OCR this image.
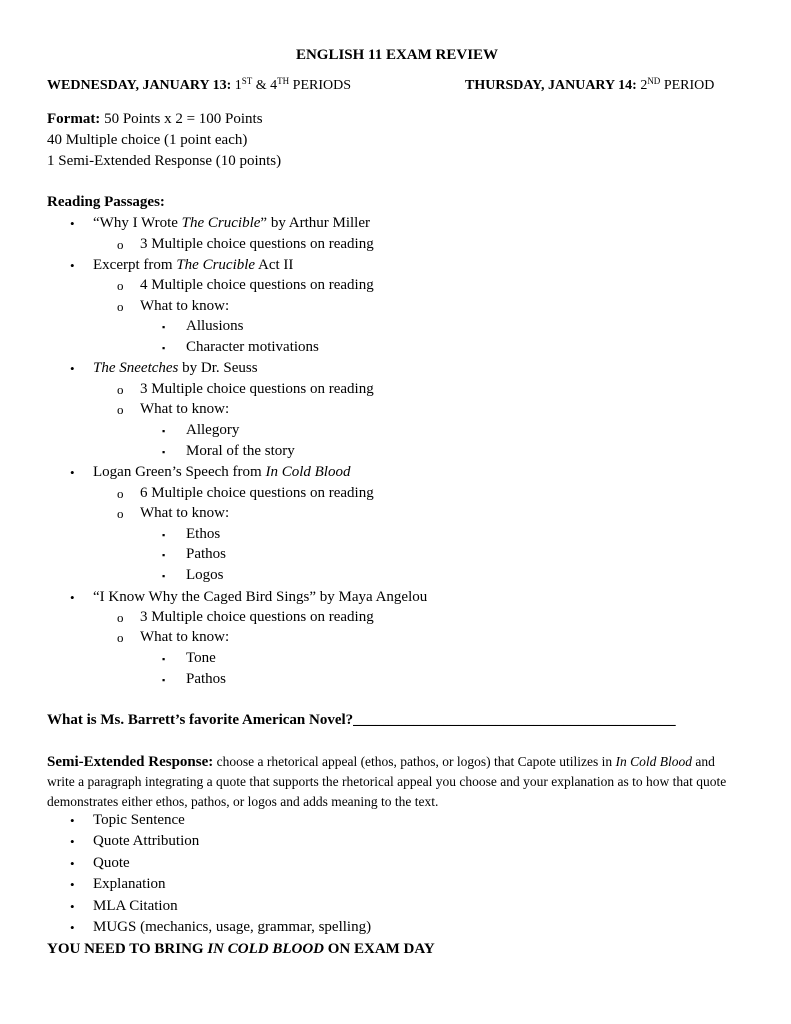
ENGLISH 11 EXAM REVIEW
WEDNESDAY, JANUARY 13: 1ST & 4TH PERIODS	THURSDAY, JANUARY 14: 2ND PERIOD
Format: 50 Points x 2 = 100 Points
40 Multiple choice (1 point each)
1 Semi-Extended Response (10 points)
Reading Passages:
• “Why I Wrote The Crucible” by Arthur Miller
o 3 Multiple choice questions on reading
• Excerpt from The Crucible Act II
o 4 Multiple choice questions on reading
o What to know:
▪ Allusions
▪ Character motivations
• The Sneetches by Dr. Seuss
o 3 Multiple choice questions on reading
o What to know:
▪ Allegory
▪ Moral of the story
• Logan Green’s Speech from In Cold Blood
o 6 Multiple choice questions on reading
o What to know:
▪ Ethos
▪ Pathos
▪ Logos
• “I Know Why the Caged Bird Sings” by Maya Angelou
o 3 Multiple choice questions on reading
o What to know:
▪ Tone
▪ Pathos
What is Ms. Barrett’s favorite American Novel?___________________________________________
Semi-Extended Response: choose a rhetorical appeal (ethos, pathos, or logos) that Capote utilizes in In Cold Blood and write a paragraph integrating a quote that supports the rhetorical appeal you choose and your explanation as to how that quote demonstrates either ethos, pathos, or logos and adds meaning to the text.
• Topic Sentence
• Quote Attribution
• Quote
• Explanation
• MLA Citation
• MUGS (mechanics, usage, grammar, spelling)
YOU NEED TO BRING IN COLD BLOOD ON EXAM DAY
